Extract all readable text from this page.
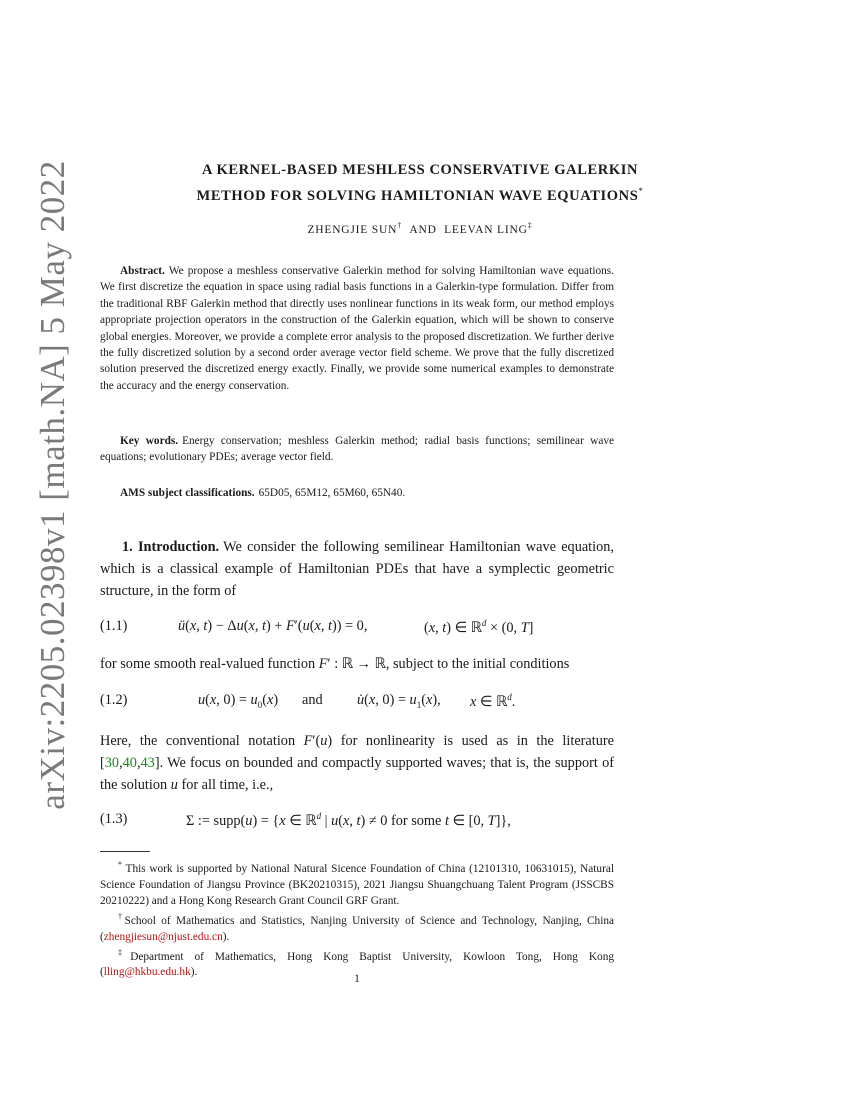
arXiv:2205.02398v1 [math.NA] 5 May 2022	A KERNEL-BASED MESHLESS CONSERVATIVE GALERKIN
METHOD FOR SOLVING HAMILTONIAN WAVE EQUATIONS*
ZHENGJIE SUN† AND LEEVAN LING‡
Abstract. We propose a meshless conservative Galerkin method for solving Hamiltonian wave equations. We first discretize the equation in space using radial basis functions in a Galerkin-type formulation. Differ from the traditional RBF Galerkin method that directly uses nonlinear functions in its weak form, our method employs appropriate projection operators in the construction of the Galerkin equation, which will be shown to conserve global energies. Moreover, we provide a complete error analysis to the proposed discretization. We further derive the fully discretized solution by a second order average vector field scheme. We prove that the fully discretized solution preserved the discretized energy exactly. Finally, we provide some numerical examples to demonstrate the accuracy and the energy conservation.
Key words. Energy conservation; meshless Galerkin method; radial basis functions; semilinear wave equations; evolutionary PDEs; average vector field.
AMS subject classifications. 65D05, 65M12, 65M60, 65N40.
1. Introduction. We consider the following semilinear Hamiltonian wave equation, which is a classical example of Hamiltonian PDEs that have a symplectic geometric structure, in the form of
(1.1)	ü(x, t) − Δu(x, t) + F′(u(x, t)) = 0,	(x, t) ∈ ℝ$^d$ × (0, T]
for some smooth real-valued function F′ : ℝ → ℝ, subject to the initial conditions
(1.2)	u(x, $0) = u_0(x)$ and u̇(x, $0) = u_1(x)$, x ∈ ℝ$^d$.
Here, the conventional notation F′(u) for nonlinearity is used as in the literature [30,40,43]. We focus on bounded and compactly supported waves; that is, the support of the solution u for all time, i.e.,
(1.3)	Σ := supp(u) = {x ∈ ℝ$^d$ | u(x, t) ≠ 0 for some t ∈ [0, T]},

* This work is supported by National Natural Sicence Foundation of China (12101310, 10631015), Natural Science Foundation of Jiangsu Province (BK20210315), 2021 Jiangsu Shuangchuang Talent Program (JSSCBS 20210222) and a Hong Kong Research Grant Council GRF Grant.

†School of Mathematics and Statistics, Nanjing University of Science and Technology, Nanjing, China (zhengjiesun@njust.edu.cn).

‡Department of Mathematics, Hong Kong Baptist University, Kowloon Tong, Hong Kong (lling@hkbu.edu.hk).

1
